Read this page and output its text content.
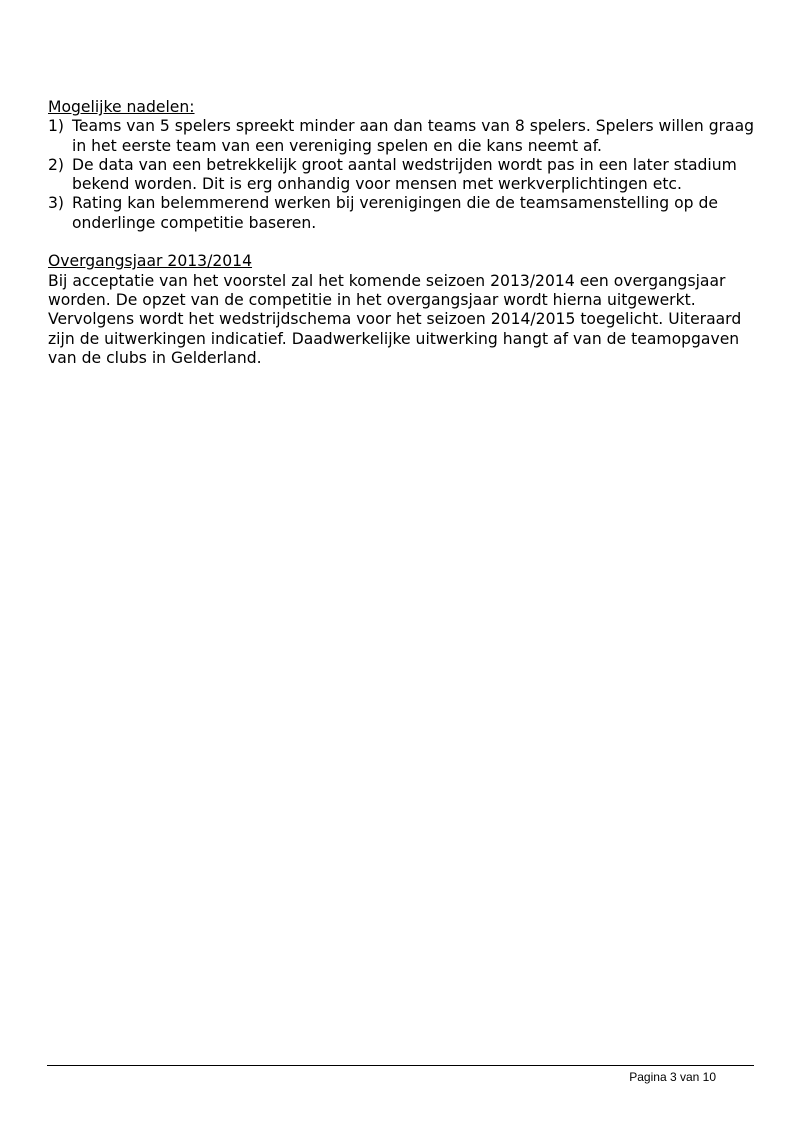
Mogelijke nadelen:

1) Teams van 5 spelers spreekt minder aan dan teams van 8 spelers. Spelers willen graag in het eerste team van een vereniging spelen en die kans neemt af.
2) De data van een betrekkelijk groot aantal wedstrijden wordt pas in een later stadium bekend worden. Dit is erg onhandig voor mensen met werkverplichtingen etc.
3) Rating kan belemmerend werken bij verenigingen die de teamsamenstelling op de onderlinge competitie baseren.

Overgangsjaar 2013/2014

Bij acceptatie van het voorstel zal het komende seizoen 2013/2014 een overgangsjaar worden. De opzet van de competitie in het overgangsjaar wordt hierna uitgewerkt. Vervolgens wordt het wedstrijdschema voor het seizoen 2014/2015 toegelicht. Uiteraard zijn de uitwerkingen indicatief. Daadwerkelijke uitwerking hangt af van de teamopgaven van de clubs in Gelderland.

Pagina 3 van 10
